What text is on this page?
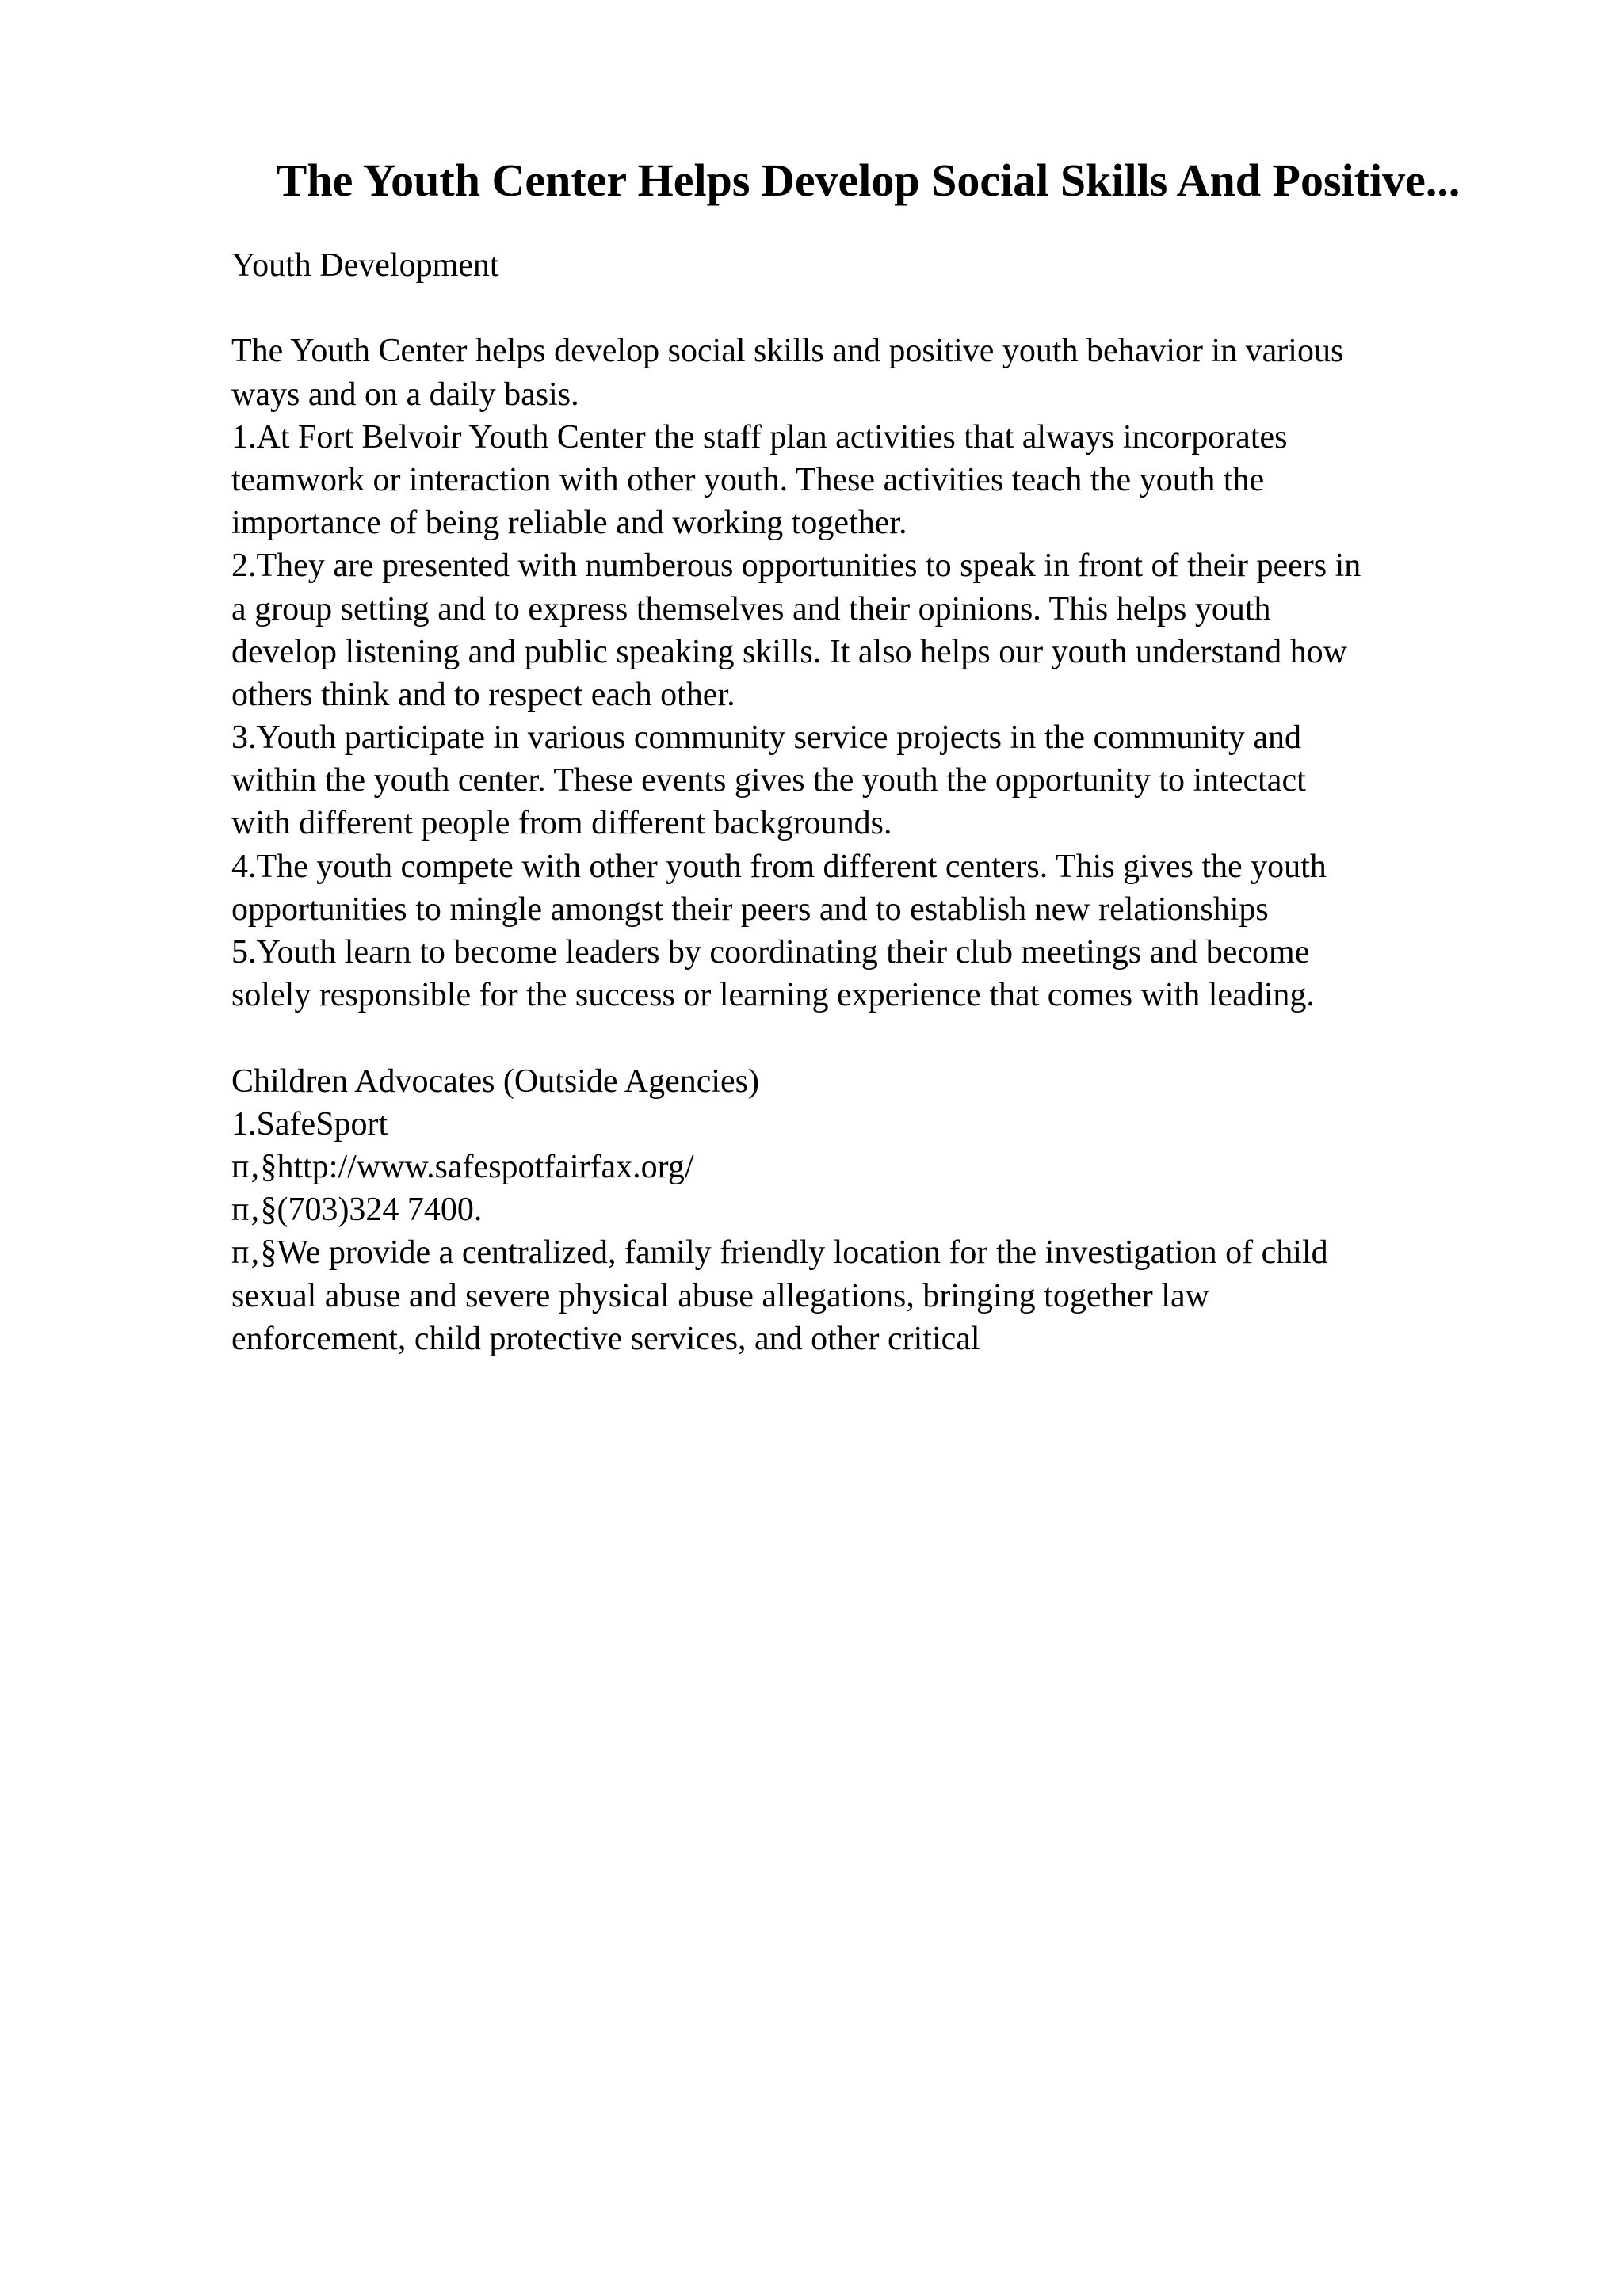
The Youth Center Helps Develop Social Skills And Positive...
Youth Development
The Youth Center helps develop social skills and positive youth behavior in various
ways and on a daily basis.
1.At Fort Belvoir Youth Center the staff plan activities that always incorporates
teamwork or interaction with other youth. These activities teach the youth the
importance of being reliable and working together.
2.They are presented with numberous opportunities to speak in front of their peers in
a group setting and to express themselves and their opinions. This helps youth
develop listening and public speaking skills. It also helps our youth understand how
others think and to respect each other.
3.Youth participate in various community service projects in the community and
within the youth center. These events gives the youth the opportunity to intectact
with different people from different backgrounds.
4.The youth compete with other youth from different centers. This gives the youth
opportunities to mingle amongst their peers and to establish new relationships
5.Youth learn to become leaders by coordinating their club meetings and become
solely responsible for the success or learning experience that comes with leading.
Children Advocates (Outside Agencies)
1.SafeSport
п‚§http://www.safespotfairfax.org/
п‚§(703)324 7400.
п‚§We provide a centralized, family friendly location for the investigation of child
sexual abuse and severe physical abuse allegations, bringing together law
enforcement, child protective services, and other critical
